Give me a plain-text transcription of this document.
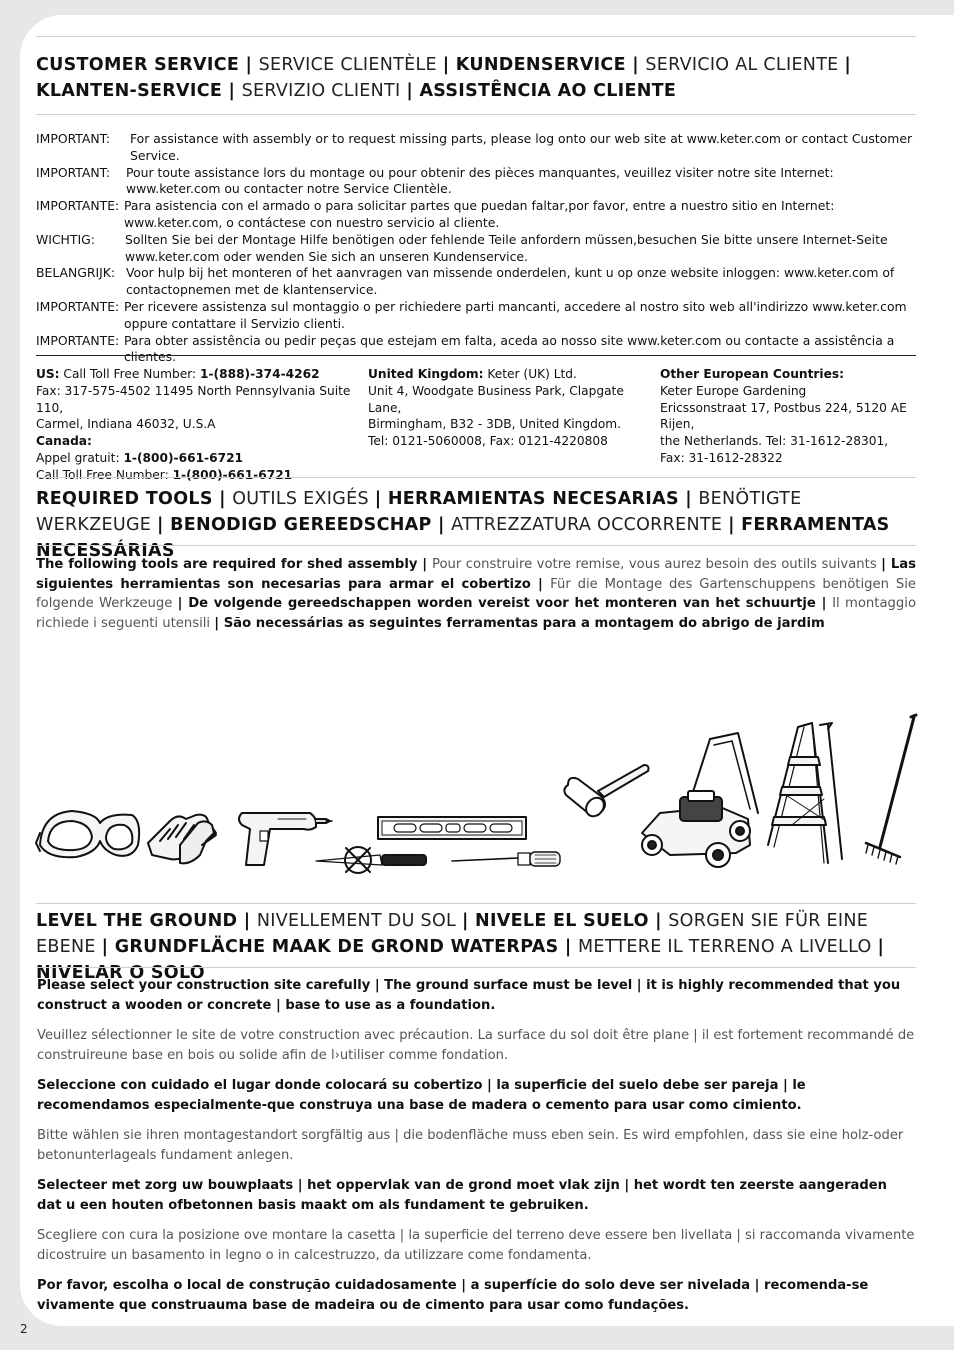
CUSTOMER SERVICE | SERVICE CLIENTÈLE | KUNDENSERVICE | SERVICIO AL CLIENTE | KLANTEN-SERVICE | SERVIZIO CLIENTI | ASSISTÊNCIA AO CLIENTE

IMPORTANT:	For assistance with assembly or to request missing parts, please log onto our web site at www.keter.com or contact Customer Service.
IMPORTANT:	Pour toute assistance lors du montage ou pour obtenir des pièces manquantes, veuillez visiter notre site Internet: www.keter.com ou contacter notre Service Clientèle.
IMPORTANTE: Para asistencia con el armado o para solicitar partes que puedan faltar,por favor, entre a nuestro sitio en Internet: www.keter.com, o contáctese con nuestro servicio al cliente.
WICHTIG:	Sollten Sie bei der Montage Hilfe benötigen oder fehlende Teile anfordern müssen,besuchen Sie bitte unsere Internet-Seite www.keter.com oder wenden Sie sich an unseren Kundenservice.
BELANGRIJK: Voor hulp bij het monteren of het aanvragen van missende onderdelen, kunt u op onze website inloggen: www.keter.com of contactopnemen met de klantenservice.
IMPORTANTE: Per ricevere assistenza sul montaggio o per richiedere parti mancanti, accedere al nostro sito web all'indirizzo www.keter.com oppure contattare il Servizio clienti.
IMPORTANTE: Para obter assistência ou pedir peças que estejam em falta, aceda ao nosso site www.keter.com ou contacte a assistência a clientes.
US: Call Toll Free Number: 1-(888)-374-4262
Fax: 317-575-4502 11495 North Pennsylvania Suite 110,
Carmel, Indiana 46032, U.S.A
Canada:
Appel gratuit: 1-(800)-661-6721
Call Toll Free Number: 1-(800)-661-6721
United Kingdom: Keter (UK) Ltd.
Unit 4, Woodgate Business Park, Clapgate Lane,
Birmingham, B32 - 3DB, United Kingdom.
Tel: 0121-5060008, Fax: 0121-4220808
Other European Countries:
Keter Europe Gardening
Ericssonstraat 17, Postbus 224, 5120 AE Rijen,
the Netherlands. Tel: 31-1612-28301,
Fax: 31-1612-28322

REQUIRED TOOLS | OUTILS EXIGÉS | HERRAMIENTAS NECESARIAS | BENÖTIGTE WERKZEUGE | BENODIGD GEREEDSCHAP | ATTREZZATURA OCCORRENTE | FERRAMENTAS NECESSÁRIAS

The following tools are required for shed assembly | Pour construire votre remise, vous aurez besoin des outils suivants | Las siguientes herramientas son necesarias para armar el cobertizo | Für die Montage des Gartenschuppens benötigen Sie folgende Werkzeuge | De volgende gereedschappen worden vereist voor het monteren van het schuurtje | Il montaggio richiede i seguenti utensili | São necessárias as seguintes ferramentas para a montagem do abrigo de jardim

LEVEL THE GROUND | NIVELLEMENT DU SOL | NIVELE EL SUELO | SORGEN SIE FÜR EINE EBENE | GRUNDFLÄCHE MAAK DE GROND WATERPAS | METTERE IL TERRENO A LIVELLO | NIVELAR O SOLO

Please select your construction site carefully | The ground surface must be level | it is highly recommended that you construct a wooden or concrete | base to use as a foundation.

Veuillez sélectionner le site de votre construction avec précaution. La surface du sol doit être plane | il est fortement recommandé de construireune base en bois ou solide afin de l›utiliser comme fondation.

Seleccione con cuidado el lugar donde colocará su cobertizo | la superficie del suelo debe ser pareja | le recomendamos especialmente-que construya una base de madera o cemento para usar como cimiento.

Bitte wählen sie ihren montagestandort sorgfältig aus | die bodenfläche muss eben sein. Es wird empfohlen, dass sie eine holz-oder betonunterlageals fundament anlegen.

Selecteer met zorg uw bouwplaats | het oppervlak van de grond moet vlak zijn | het wordt ten zeerste aangeraden dat u een houten ofbetonnen basis maakt om als fundament te gebruiken.

Scegliere con cura la posizione ove montare la casetta | la superficie del terreno deve essere ben livellata | si raccomanda vivamente dicostruire un basamento in legno o in calcestruzzo, da utilizzare come fondamenta.

Por favor, escolha o local de construção cuidadosamente | a superfície do solo deve ser nivelada | recomenda-se vivamente que construauma base de madeira ou de cimento para usar como fundações.

2
